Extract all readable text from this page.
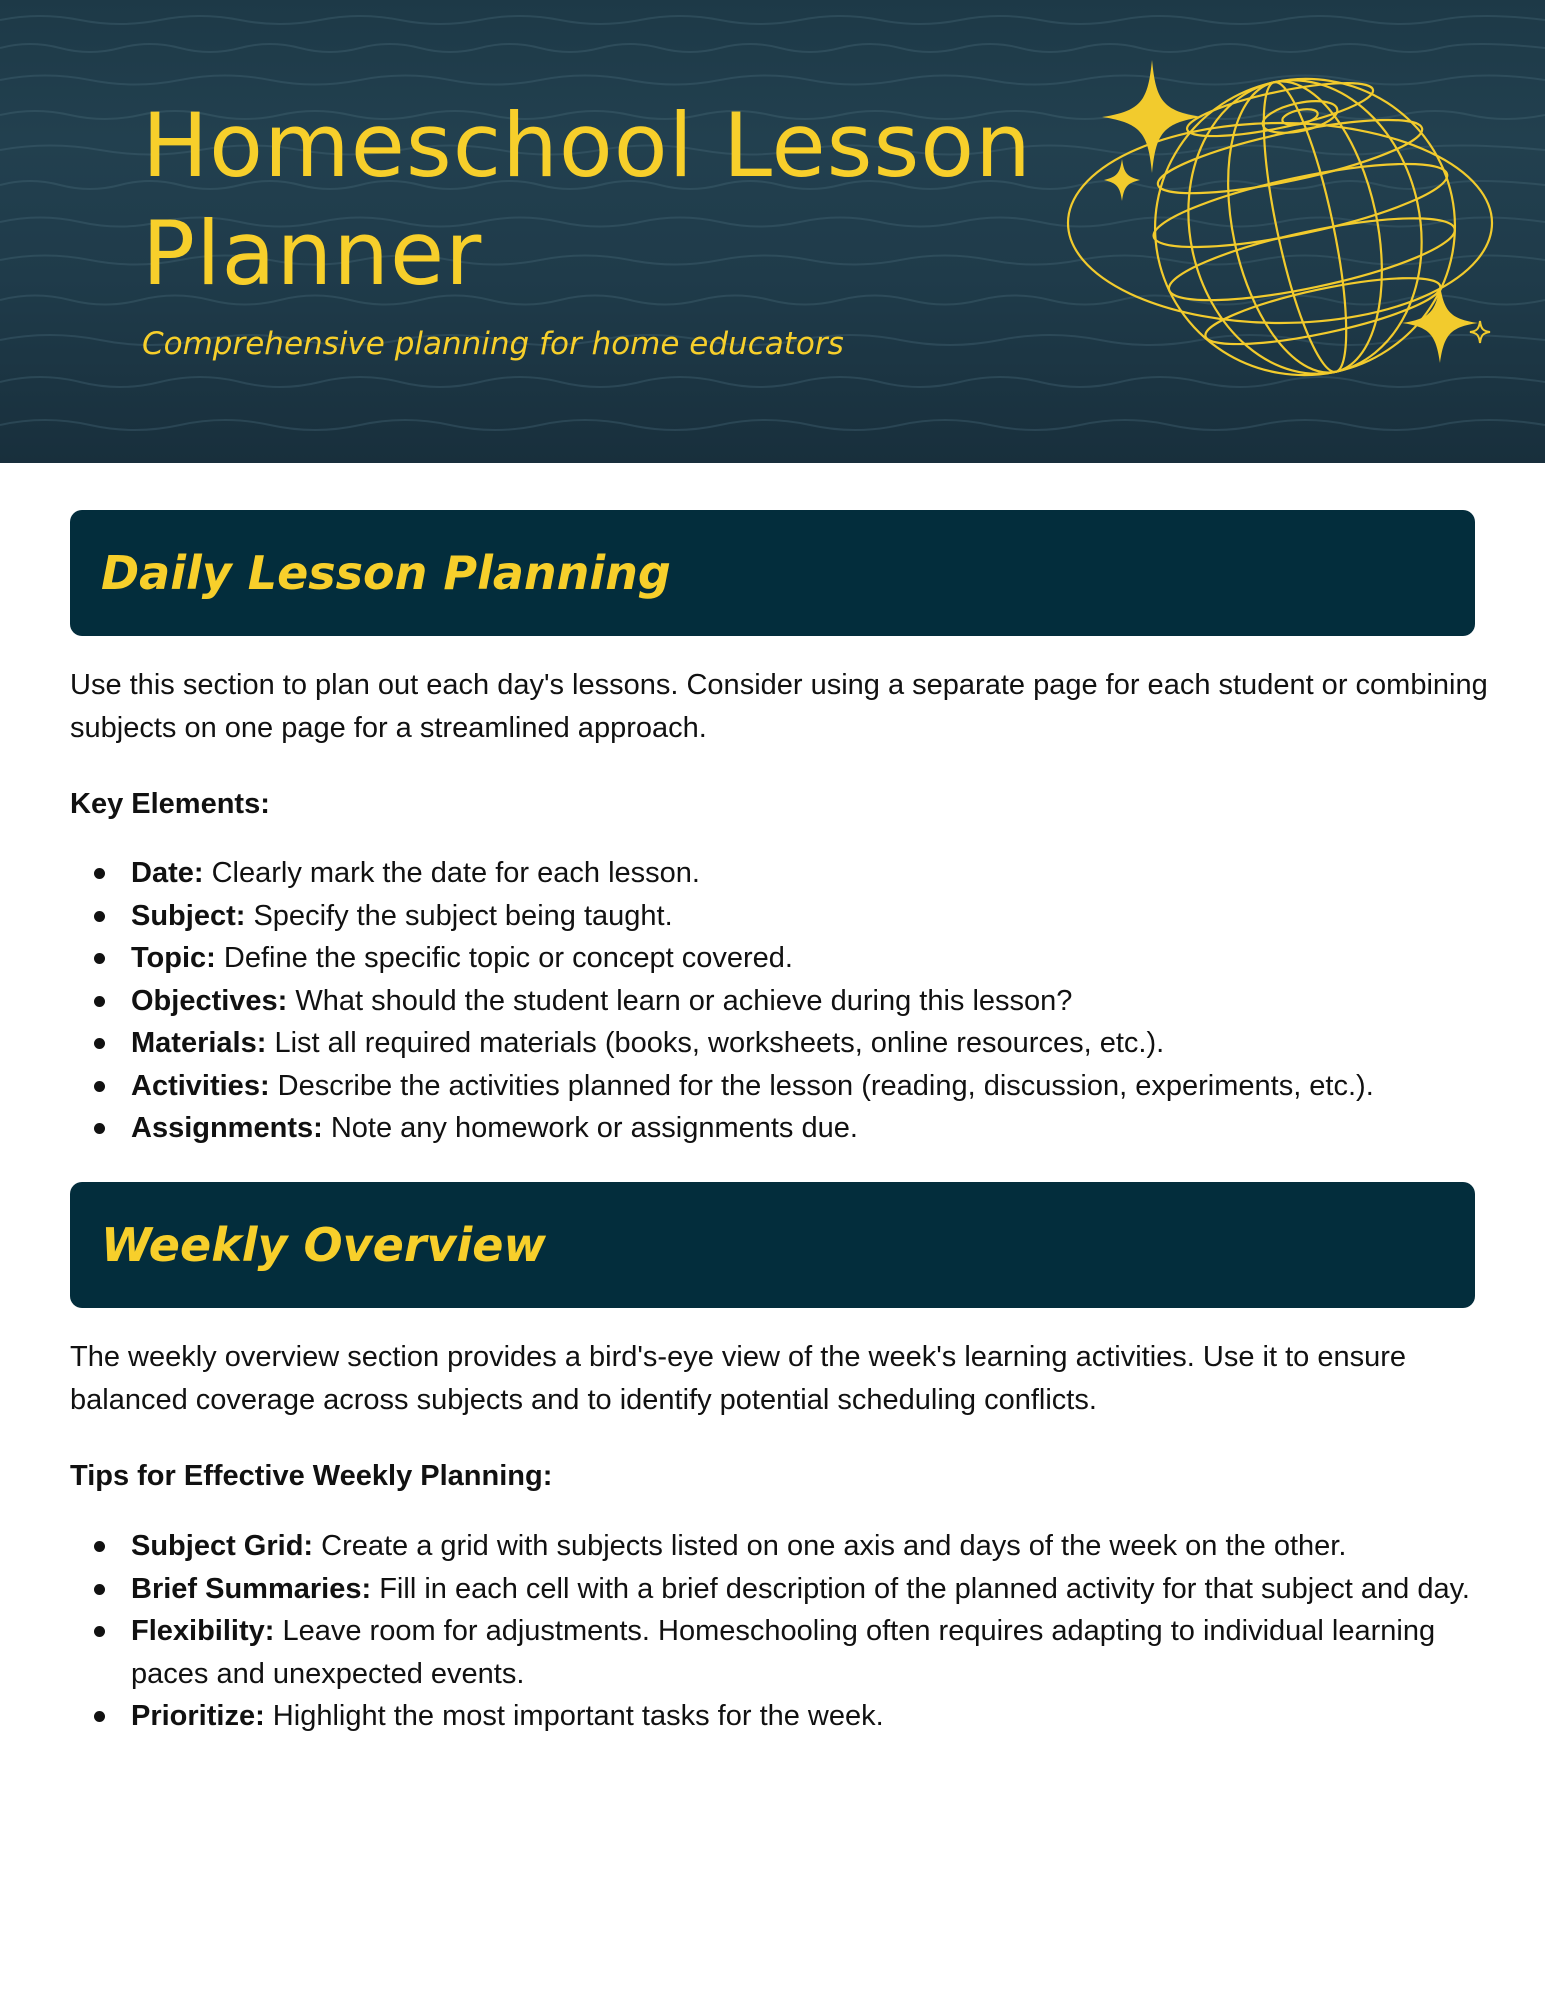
Homeschool Lesson Planner

Comprehensive planning for home educators

Daily Lesson Planning

Use this section to plan out each day's lessons. Consider using a separate page for each student or combining subjects on one page for a streamlined approach.

Key Elements:

Date: Clearly mark the date for each lesson.
Subject: Specify the subject being taught.
Topic: Define the specific topic or concept covered.
Objectives: What should the student learn or achieve during this lesson?
Materials: List all required materials (books, worksheets, online resources, etc.).
Activities: Describe the activities planned for the lesson (reading, discussion, experiments, etc.).
Assignments: Note any homework or assignments due.
Weekly Overview

The weekly overview section provides a bird's-eye view of the week's learning activities. Use it to ensure balanced coverage across subjects and to identify potential scheduling conflicts.

Tips for Effective Weekly Planning:

Subject Grid: Create a grid with subjects listed on one axis and days of the week on the other.
Brief Summaries: Fill in each cell with a brief description of the planned activity for that subject and day.
Flexibility: Leave room for adjustments. Homeschooling often requires adapting to individual learning paces and unexpected events.
Prioritize: Highlight the most important tasks for the week.
